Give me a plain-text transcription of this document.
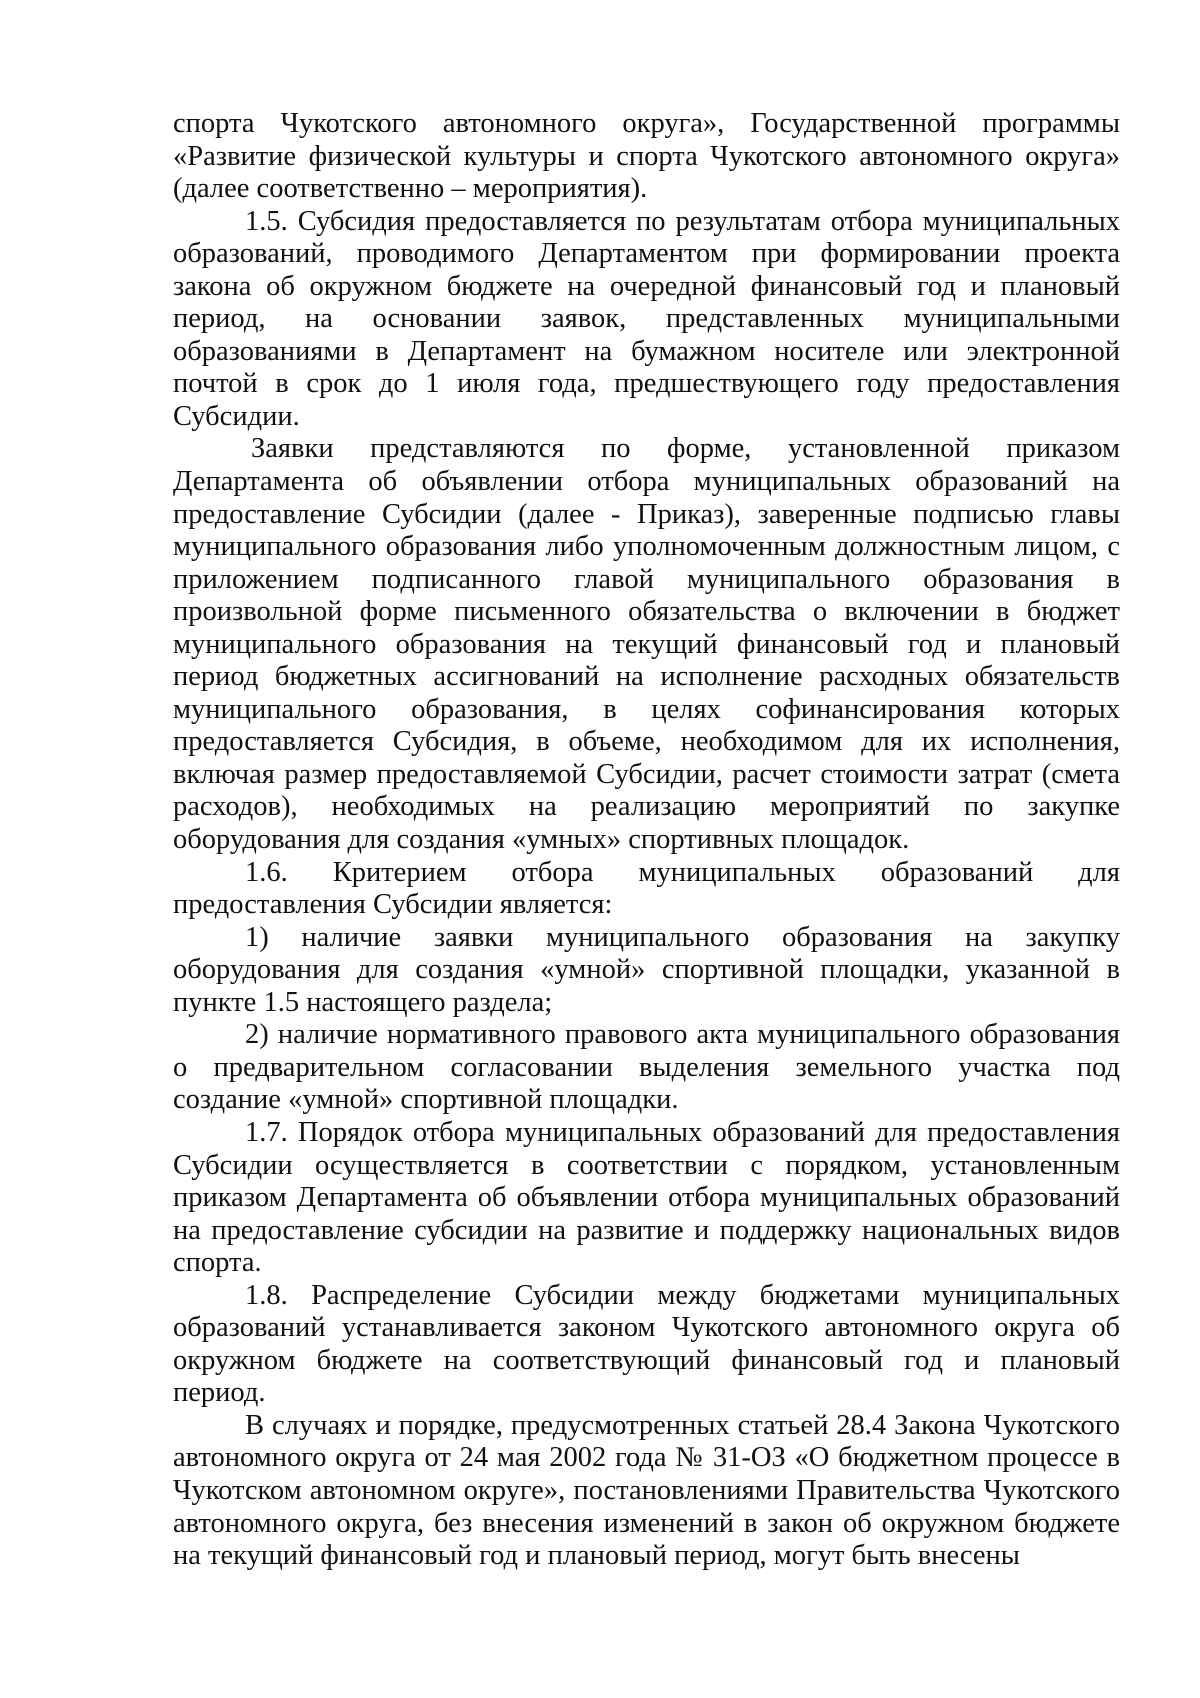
спорта Чукотского автономного округа», Государственной программы «Развитие физической культуры и спорта Чукотского автономного округа» (далее соответственно – мероприятия).

1.5. Субсидия предоставляется по результатам отбора муниципальных образований, проводимого Департаментом при формировании проекта закона об окружном бюджете на очередной финансовый год и плановый период, на основании заявок, представленных муниципальными образованиями в Департамент на бумажном носителе или электронной почтой в срок до 1 июля года, предшествующего году предоставления Субсидии.

Заявки представляются по форме, установленной приказом Департамента об объявлении отбора муниципальных образований на предоставление Субсидии (далее - Приказ), заверенные подписью главы муниципального образования либо уполномоченным должностным лицом, с приложением подписанного главой муниципального образования в произвольной форме письменного обязательства о включении в бюджет муниципального образования на текущий финансовый год и плановый период бюджетных ассигнований на исполнение расходных обязательств муниципального образования, в целях софинансирования которых предоставляется Субсидия, в объеме, необходимом для их исполнения, включая размер предоставляемой Субсидии, расчет стоимости затрат (смета расходов), необходимых на реализацию мероприятий по закупке оборудования для создания «умных» спортивных площадок.

1.6. Критерием отбора муниципальных образований для предоставления Субсидии является:

1) наличие заявки муниципального образования на закупку оборудования для создания «умной» спортивной площадки, указанной в пункте 1.5 настоящего раздела;

2) наличие нормативного правового акта муниципального образования о предварительном согласовании выделения земельного участка под создание «умной» спортивной площадки.

1.7. Порядок отбора муниципальных образований для предоставления Субсидии осуществляется в соответствии с порядком, установленным приказом Департамента об объявлении отбора муниципальных образований на предоставление субсидии на развитие и поддержку национальных видов спорта.

1.8. Распределение Субсидии между бюджетами муниципальных образований устанавливается законом Чукотского автономного округа об окружном бюджете на соответствующий финансовый год и плановый период.

В случаях и порядке, предусмотренных статьей 28.4 Закона Чукотского автономного округа от 24 мая 2002 года № 31-ОЗ «О бюджетном процессе в Чукотском автономном округе», постановлениями Правительства Чукотского автономного округа, без внесения изменений в закон об окружном бюджете на текущий финансовый год и плановый период, могут быть внесены
